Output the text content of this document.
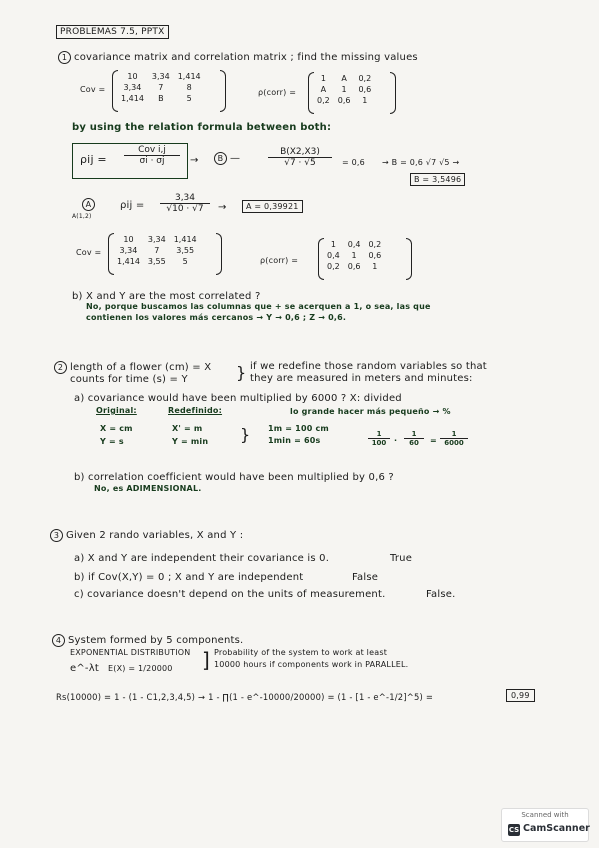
PROBLEMAS 7.5, PPTX
1 covariance matrix and correlation matrix ; find the missing values
Cov =
10	3,34	1,414
3,34	7	8
1,414	B	5
ρ(corr) =
1	A	0,2
A	1	0,6
0,2	0,6	1
by using the relation formula between both:
ρij =
Cov i,j
σi · σj	→	B —	$\frac{B(X2,X3)}{√7 \cdot √5} = 0,6 \to B = 0,6$ √7 √5 →
B = 3,5496
A
A(1,2)
$\rho ij = \frac{3,34}{√10 \cdot √7}$ →	A = 0,39921
Cov =
10	3,34	1,414
3,34	7	3,55
1,414	3,55	5	ρ(corr) =
1	0,4	0,2
0,4	1	0,6
0,2	0,6	1
b) X and Y are the most correlated ?
No, porque buscamos las columnas que + se acerquen a 1, o sea, las que
contienen los valores más cercanos → Y → 0,6 ; Z → 0,6.
2 length of a flower (cm) = X
counts for time (s) = Y	} if we redefine those random variables so that
they are measured in meters and minutes:
a) covariance would have been multiplied by 6000 ? X: divided
Original:	Redefinido:	lo grande hacer más pequeño → %
X = cm	X' = m
Y = s	Y = min } 1m = 100 cm
1min = 60s	$\frac{1}{100} \cdot \frac{1}{60} = \frac{1}{6000}$
b) correlation coefficient would have been multiplied by 0,6 ?
No, es ADIMENSIONAL.
3 Given 2 rando variables, X and Y :
a) X and Y are independent their covariance is 0.	True
b) if Cov(X,Y) = 0 ; X and Y are independent	False
c) covariance doesn't depend on the units of measurement.	False.
4 System formed by 5 components.
EXPONENTIAL DISTRIBUTION
e^-λt E(X) = 1/20000 ] Probability of the system to work at least
10000 hours if components work in PARALLEL.
Rs(10000) = 1 - (1 - C1,2,3,4,5) → 1 - ∏(1 - e^-10000/20000) = (1 - [1 - e^-1/2]^5) =	0,99
Scanned with
CS CamScanner
